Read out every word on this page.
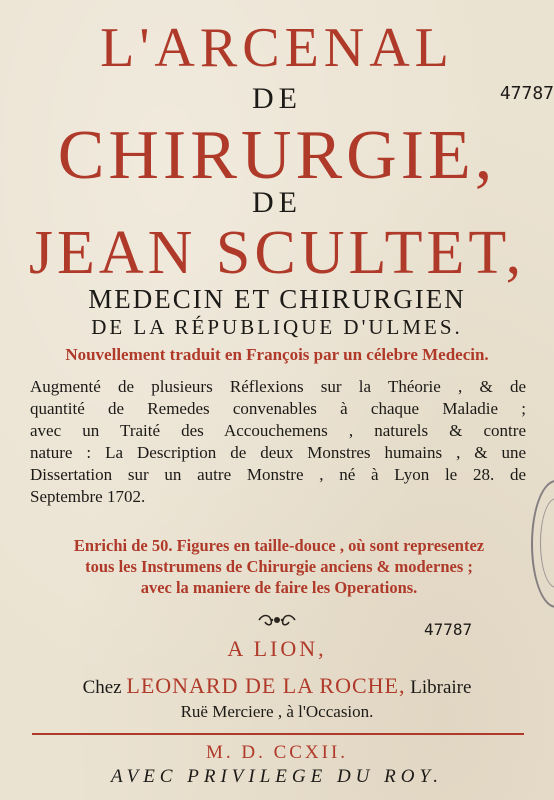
L'ARCENAL
DE
CHIRURGIE,
DE
JEAN SCULTET,
MEDECIN ET CHIRURGIEN
DE LA RÉPUBLIQUE D'ULMES.
Nouvellement traduit en François par un célebre Medecin.
Augmenté de plusieurs Réflexions sur la Théorie , & de
quantité de Remedes convenables à chaque Maladie ;
avec un Traité des Accouchemens , naturels & contre
nature : La Description de deux Monstres humains , & une
Dissertation sur un autre Monstre , né à Lyon le 28. de
Septembre 1702.
Enrichi de 50. Figures en taille-douce , où sont representez
tous les Instrumens de Chirurgie anciens & modernes ;
avec la maniere de faire les Operations.
A LION,
Chez LEONARD DE LA ROCHE, Libraire
Ruë Merciere , à l'Occasion.
M. D. CCXII.
AVEC PRIVILEGE DU ROY.
47787
47787
